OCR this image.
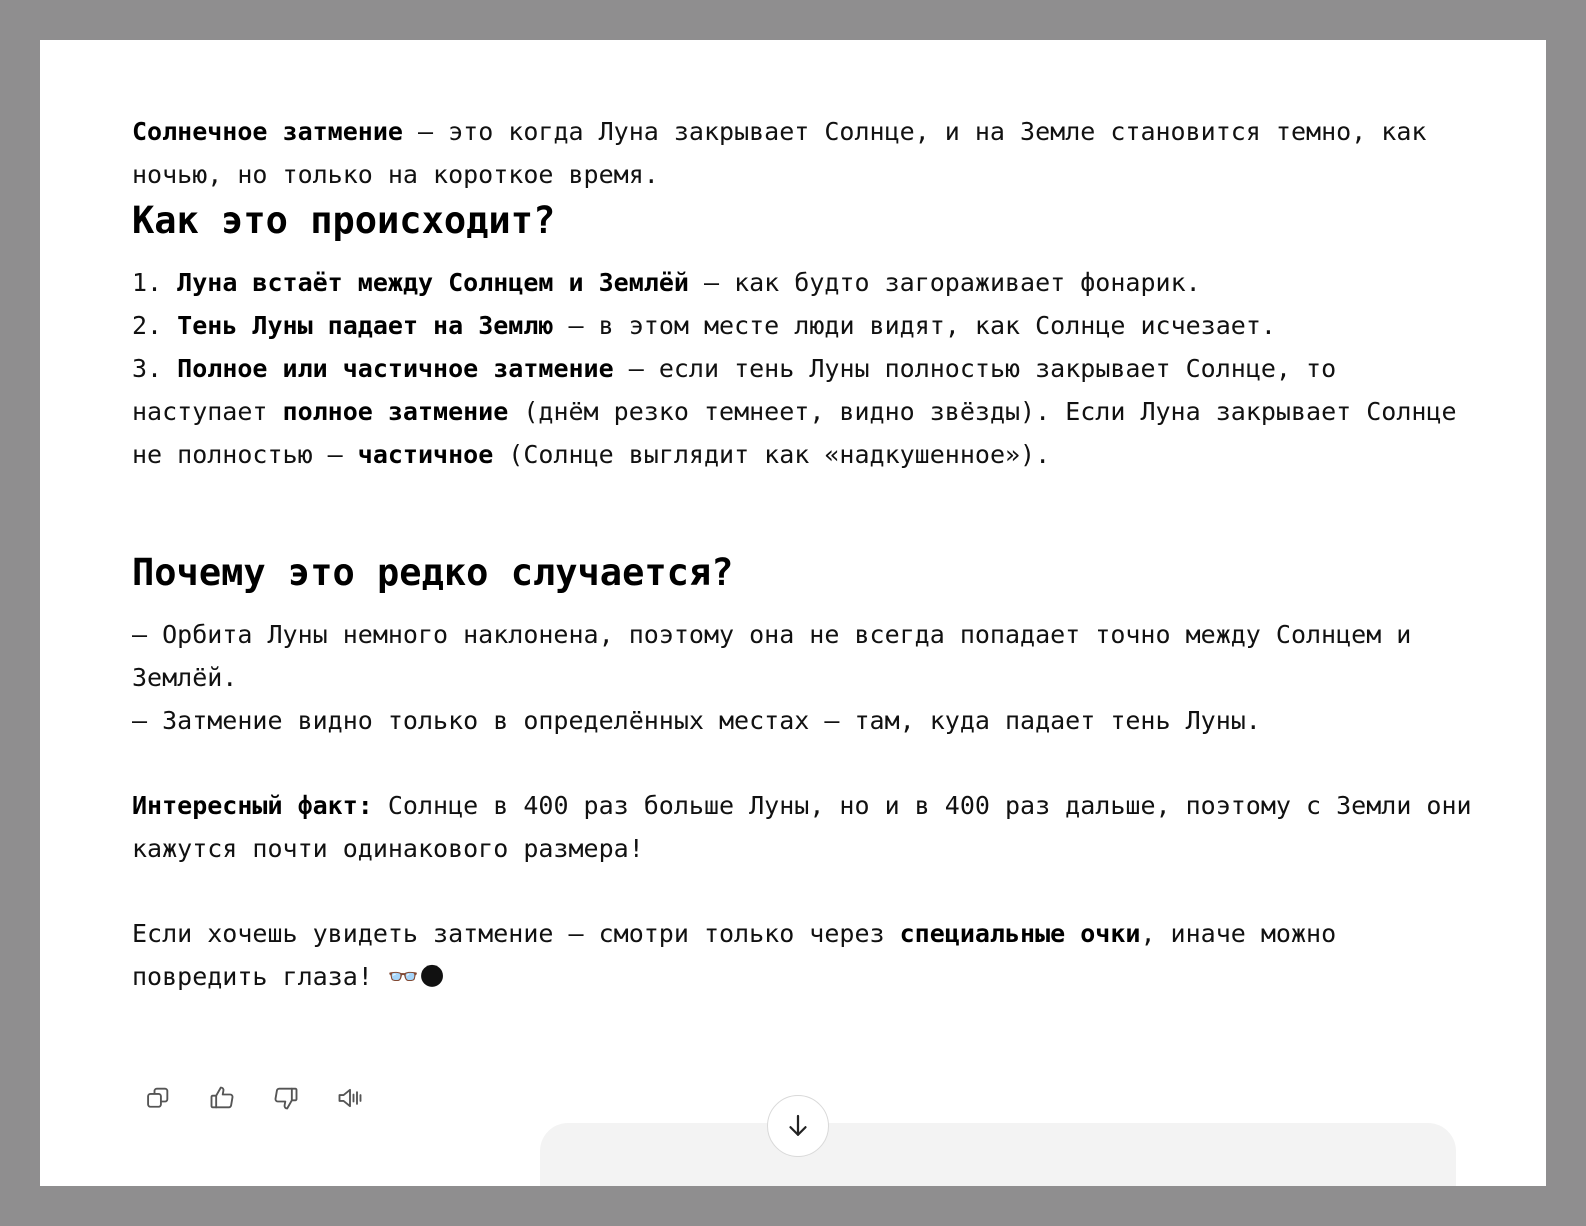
Солнечное затмение — это когда Луна закрывает Солнце, и на Земле становится темно, как ночью, но только на короткое время.

Как это происходит?

1. Луна встаёт между Солнцем и Землёй — как будто загораживает фонарик.

2. Тень Луны падает на Землю — в этом месте люди видят, как Солнце исчезает.

3. Полное или частичное затмение — если тень Луны полностью закрывает Солнце, то наступает полное затмение (днём резко темнеет, видно звёзды). Если Луна закрывает Солнце не полностью — частичное (Солнце выглядит как «надкушенное»).

Почему это редко случается?

— Орбита Луны немного наклонена, поэтому она не всегда попадает точно между Солнцем и Землёй.

— Затмение видно только в определённых местах — там, куда падает тень Луны.

Интересный факт: Солнце в 400 раз больше Луны, но и в 400 раз дальше, поэтому с Земли они кажутся почти одинакового размера!

Если хочешь увидеть затмение — смотри только через специальные очки, иначе можно повредить глаза! 👓🌑
